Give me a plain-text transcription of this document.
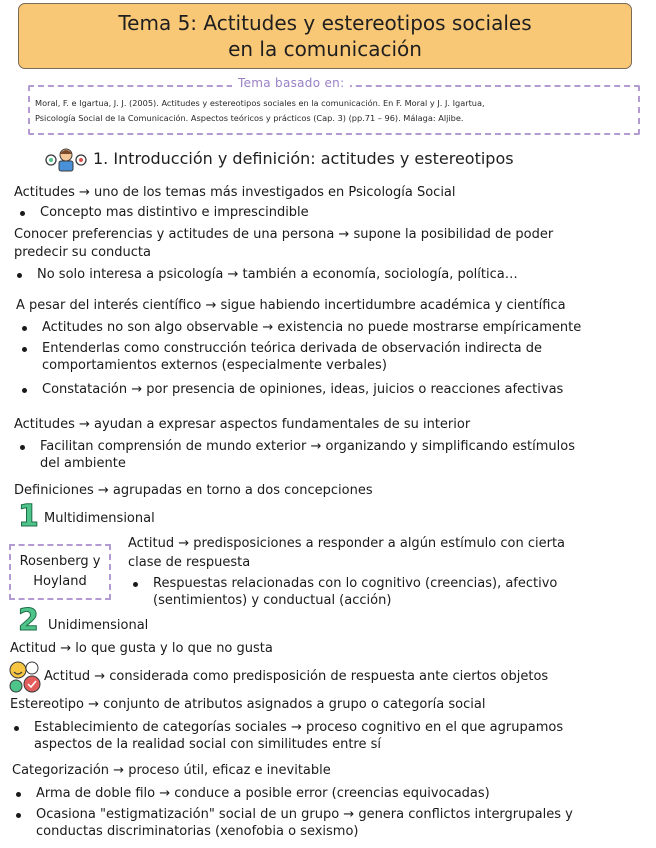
Tema 5: Actitudes y estereotipos sociales
en la comunicación
Tema basado en:
Moral, F. e Igartua, J. J. (2005). Actitudes y estereotipos sociales en la comunicación. En F. Moral y J. J. Igartua,
Psicología Social de la Comunicación. Aspectos teóricos y prácticos (Cap. 3) (pp.71 – 96). Málaga: Aljibe.
1. Introducción y definición: actitudes y estereotipos
Actitudes → uno de los temas más investigados en Psicología Social
Concepto mas distintivo e imprescindible
Conocer preferencias y actitudes de una persona → supone la posibilidad de poder
predecir su conducta
No solo interesa a psicología → también a economía, sociología, política…
A pesar del interés científico → sigue habiendo incertidumbre académica y científica
Actitudes no son algo observable → existencia no puede mostrarse empíricamente
Entenderlas como construcción teórica derivada de observación indirecta de
comportamientos externos (especialmente verbales)
Constatación → por presencia de opiniones, ideas, juicios o reacciones afectivas
Actitudes → ayudan a expresar aspectos fundamentales de su interior
Facilitan comprensión de mundo exterior → organizando y simplificando estímulos
del ambiente
Definiciones → agrupadas en torno a dos concepciones
1 Multidimensional
Rosenberg y
Hoyland
Actitud → predisposiciones a responder a algún estímulo con cierta
clase de respuesta
Respuestas relacionadas con lo cognitivo (creencias), afectivo
(sentimientos) y conductual (acción)
2 Unidimensional
Actitud → lo que gusta y lo que no gusta
Actitud → considerada como predisposición de respuesta ante ciertos objetos
Estereotipo → conjunto de atributos asignados a grupo o categoría social
Establecimiento de categorías sociales → proceso cognitivo en el que agrupamos
aspectos de la realidad social con similitudes entre sí
Categorización → proceso útil, eficaz e inevitable
Arma de doble filo → conduce a posible error (creencias equivocadas)
Ocasiona "estigmatización" social de un grupo → genera conflictos intergrupales y
conductas discriminatorias (xenofobia o sexismo)
